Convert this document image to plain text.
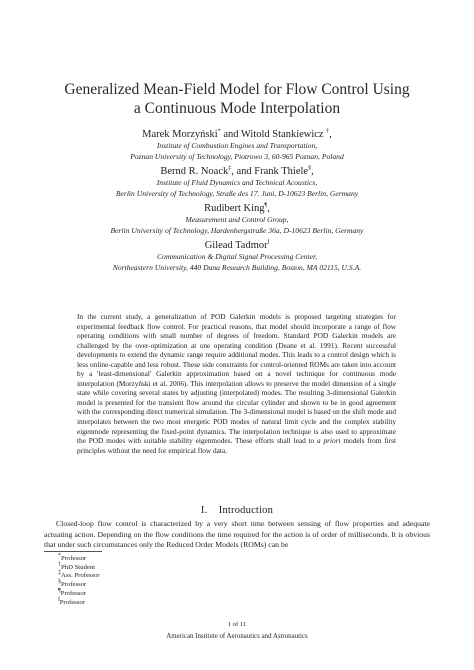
Generalized Mean-Field Model for Flow Control Using
a Continuous Mode Interpolation

Marek Morzyński* and Witold Stankiewicz †,

Institute of Combustion Engines and Transportation,

Poznan University of Technology, Piotrowo 3, 60-965 Poznan, Poland

Bernd R. Noack‡, and Frank Thiele§,

Institute of Fluid Dynamics and Technical Acoustics,

Berlin University of Technology, Straße des 17. Juni, D-10623 Berlin, Germany

Rudibert King¶,

Measurement and Control Group,

Berlin University of Technology, Hardenbergstraße 36a, D-10623 Berlin, Germany

Gilead Tadmor‖

Communication & Digital Signal Processing Center,

Northeastern University, 440 Dana Research Building, Boston, MA 02115, U.S.A.

In the current study, a generalization of POD Galerkin models is proposed targeting strategies for experimental feedback flow control. For practical reasons, that model should incorporate a range of flow operating conditions with small number of degrees of freedom. Standard POD Galerkin models are challenged by the over-optimization at one operating condition (Deane et al. 1991). Recent successful developments to extend the dynamic range require additional modes. This leads to a control design which is less online-capable and less robust. These side constraints for control-oriented ROMs are taken into account by a 'least-dimensional' Galerkin approximation based on a novel technique for continuous mode interpolation (Morzyński et al. 2006). This interpolation allows to preserve the model dimension of a single state while covering several states by adjusting (interpolated) modes. The resulting 3-dimensional Galerkin model is presented for the transient flow around the circular cylinder and shown to be in good agreement with the corresponding direct numerical simulation. The 3-dimensional model is based on the shift mode and interpolates between the two most energetic POD modes of natural limit cycle and the complex stability eigenmode representing the fixed-point dynamics. The interpolation technique is also used to approximate the POD modes with suitable stability eigenmodes. These efforts shall lead to a priori models from first principles without the need for empirical flow data.

I. Introduction

Closed-loop flow control is characterized by a very short time between sensing of flow properties and adequate actuating action. Depending on the flow conditions the time required for the action is of order of milliseconds. It is obvious that under such circumstances only the Reduced Order Models (ROMs) can be

*Professor
†PhD Student
‡Ass. Professor
§Professor
¶Professor
‖Professor
1 of 11
American Institute of Aeronautics and Astronautics
